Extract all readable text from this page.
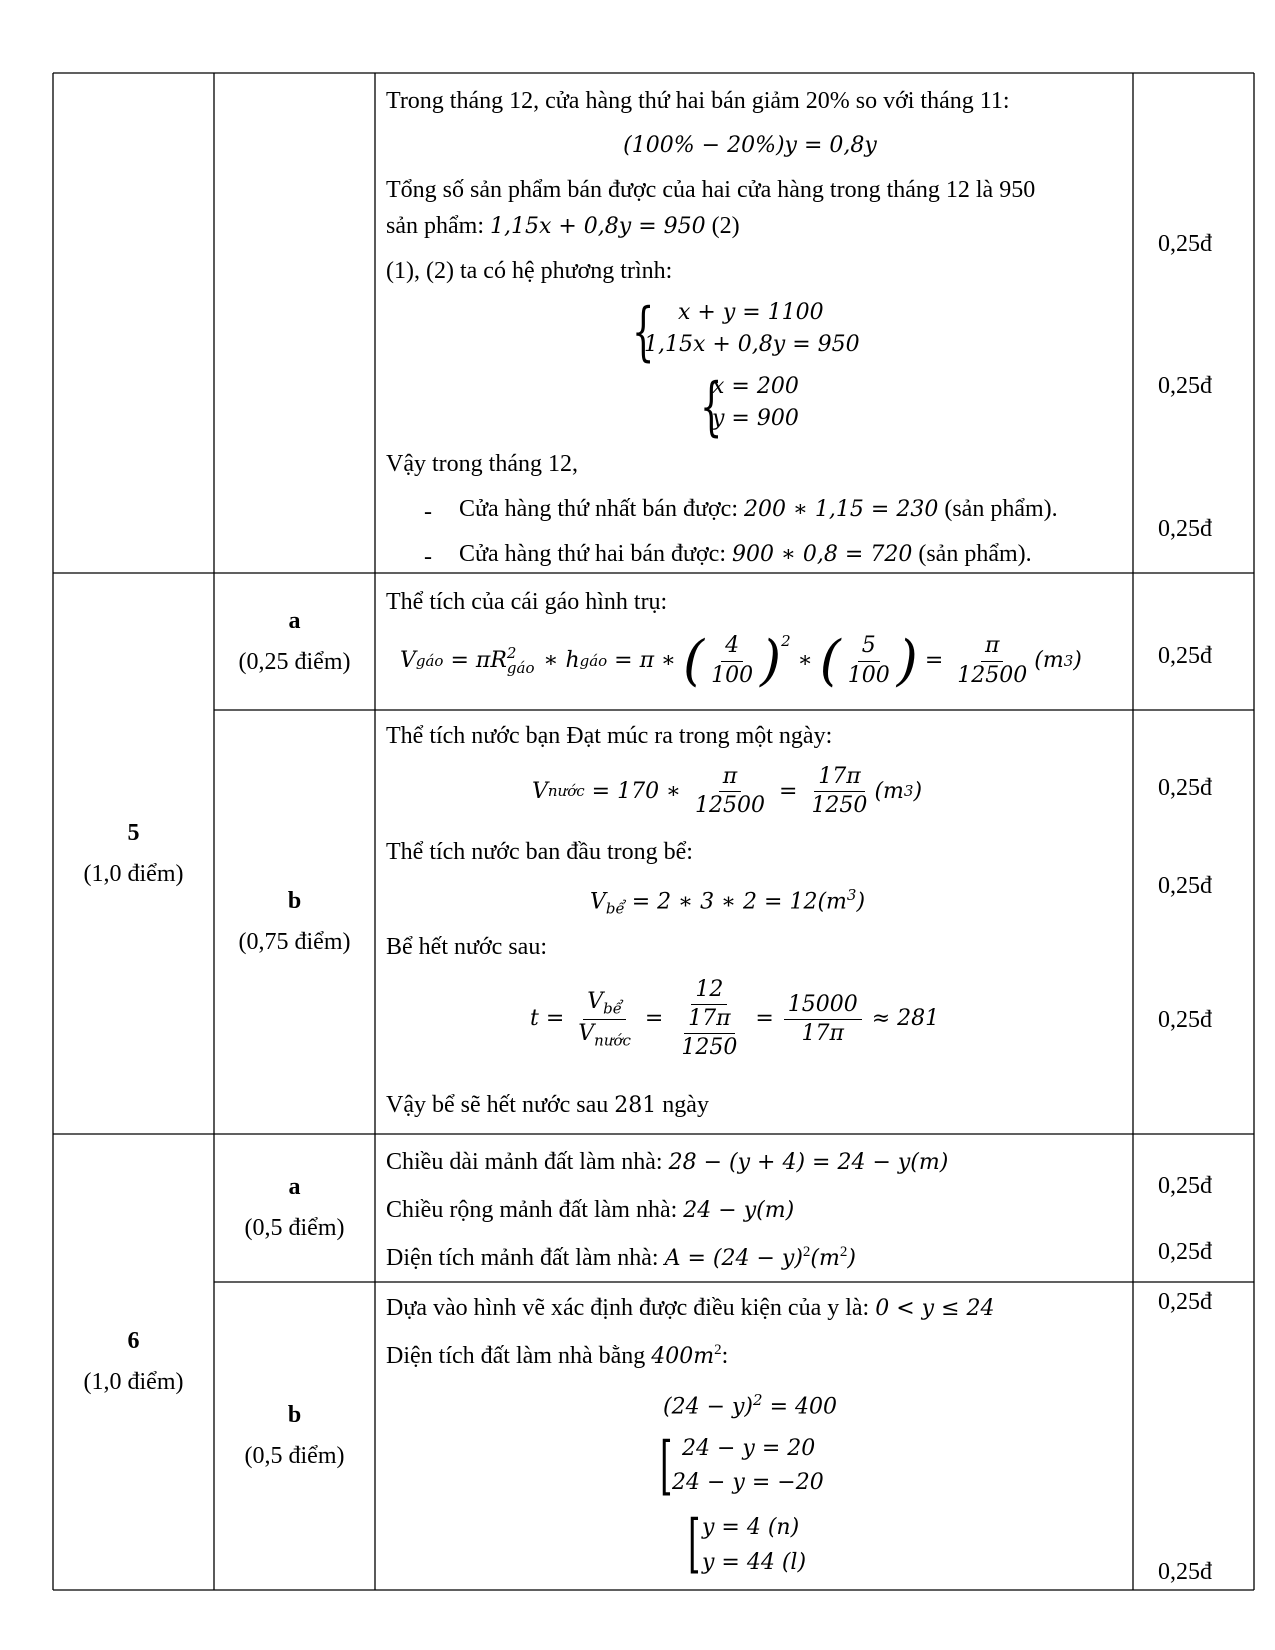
Trong tháng 12, cửa hàng thứ hai bán giảm 20% so với tháng 11:
(100% − 20%)y = 0,8y
Tổng số sản phẩm bán được của hai cửa hàng trong tháng 12 là 950
sản phẩm: 1,15x + 0,8y = 950 (2)
(1), (2) ta có hệ phương trình:
{ x + y = 1100
1,15x + 0,8y = 950
{
x = 200
y = 900
Vậy trong tháng 12,
- Cửa hàng thứ nhất bán được: 200 ∗ 1,15 = 230 (sản phẩm).
- Cửa hàng thứ hai bán được: 900 ∗ 0,8 = 720 (sản phẩm).
0,25đ
0,25đ
0,25đ
5
(1,0 điểm)
a
(0,25 điểm)
Thể tích của cái gáo hình trụ:
V gáo = πR 2
gáo ∗ h gáo = π ∗ ( $\frac{4}{100} )^2$
∗ ( $\frac{5}{100}$ ) = $\frac{\pi}{12500} (m$ 3 )	0,25đ
b
(0,75 điểm)
Thể tích nước bạn Đạt múc ra trong một ngày:
V nước = 170 ∗ $\frac{\pi}{12500} = \frac{17\pi}{1250} (m$ 3 )
Thể tích nước ban đầu trong bể:
$V_{bể} = 2$ ∗ 3 ∗ $2 = 12(m^3)$
Bể hết nước sau:
$t = \frac{V_{bể}}{V_{nước}} = \frac{12}{\frac{17\pi}{1250}} = \frac{15000}{17\pi} \approx 281$
Vậy bể sẽ hết nước sau 281 ngày
0,25đ
0,25đ
0,25đ
6
(1,0 điểm)
a
(0,5 điểm)
Chiều dài mảnh đất làm nhà: 28 − (y + 4) = 24 − y(m)
Chiều rộng mảnh đất làm nhà: 24 − y(m)
Diện tích mảnh đất làm nhà: $A = (24 - y)^2(m^2)$
0,25đ
0,25đ
b
(0,5 điểm)
Dựa vào hình vẽ xác định được điều kiện của y là: 0 < y ≤ 24
Diện tích đất làm nhà bằng $400m^2$:
$(24 - y)^2 = 400$
[ 24 − y = 20
24 − y = −20
[ y = 4 (n)
y = 44 (l)
0,25đ
0,25đ
